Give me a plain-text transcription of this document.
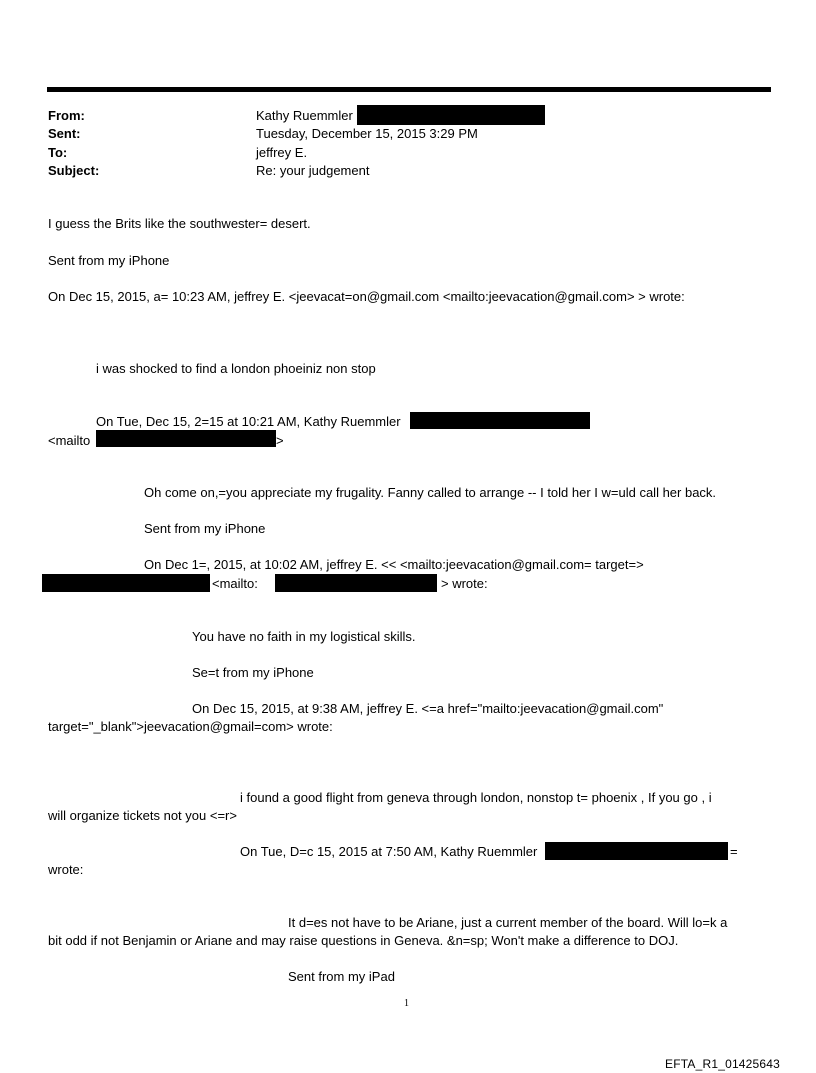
From:	Kathy Ruemmler
Sent:	Tuesday, December 15, 2015 3:29 PM
To:	jeffrey E.
Subject:	Re: your judgement
I guess the Brits like the southwester= desert.
Sent from my iPhone
On Dec 15, 2015, a= 10:23 AM, jeffrey E. <jeevacat=on@gmail.com <mailto:jeevacation@gmail.com> > wrote:
i was shocked to find a london phoeiniz non stop
On Tue, Dec 15, 2=15 at 10:21 AM, Kathy Ruemmler
<mailto	>
Oh come on,=you appreciate my frugality. Fanny called to arrange -- I told her I w=uld call her back.
Sent from my iPhone
On Dec 1=, 2015, at 10:02 AM, jeffrey E. << <mailto:jeevacation@gmail.com= target=>
<mailto:	> wrote:
You have no faith in my logistical skills.
Se=t from my iPhone
On Dec 15, 2015, at 9:38 AM, jeffrey E. <=a href="mailto:jeevacation@gmail.com"
target="_blank">jeevacation@gmail=com> wrote:
i found a good flight from geneva through london, nonstop t= phoenix , If you go , i
will organize tickets not you <=r>
On Tue, D=c 15, 2015 at 7:50 AM, Kathy Ruemmler	=
wrote:
It d=es not have to be Ariane, just a current member of the board. Will lo=k a
bit odd if not Benjamin or Ariane and may raise questions in Geneva. &n=sp; Won't make a difference to DOJ.
Sent from my iPad
1
EFTA_R1_01425643
